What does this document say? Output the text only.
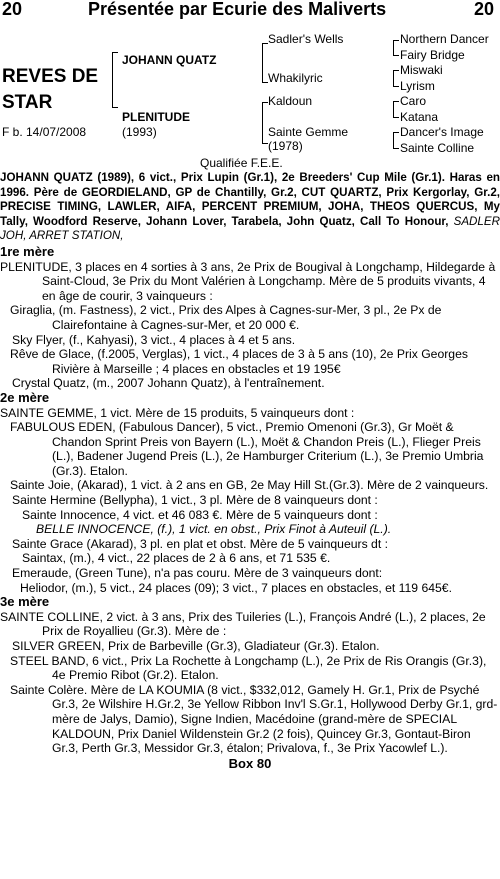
20	Présentée par Ecurie des Maliverts	20
REVES DE
STAR
F b. 14/07/2008
JOHANN QUATZ
PLENITUDE
(1993)
Sadler's Wells
Whakilyric
Kaldoun
Sainte Gemme
(1978)
Northern Dancer
Fairy Bridge
Miswaki
Lyrism
Caro
Katana
Dancer's Image
Sainte Colline
Qualifiée F.E.E.

JOHANN QUATZ (1989), 6 vict., Prix Lupin (Gr.1), 2e Breeders' Cup Mile (Gr.1). Haras en 1996. Père de GEORDIELAND, GP de Chantilly, Gr.2, CUT QUARTZ, Prix Kergorlay, Gr.2, PRECISE TIMING, LAWLER, AIFA, PERCENT PREMIUM, JOHA, THEOS QUERCUS, My Tally, Woodford Reserve, Johann Lover, Tarabela, John Quatz, Call To Honour, SADLER JOH, ARRET STATION,

1re mère

PLENITUDE, 3 places en 4 sorties à 3 ans, 2e Prix de Bougival à Longchamp, Hildegarde à Saint-Cloud, 3e Prix du Mont Valérien à Longchamp. Mère de 5 produits vivants, 4 en âge de courir, 3 vainqueurs :

Giraglia, (m. Fastness), 2 vict., Prix des Alpes à Cagnes-sur-Mer, 3 pl., 2e Px de Clairefontaine à Cagnes-sur-Mer, et 20 000 €.

Sky Flyer, (f., Kahyasi), 3 vict., 4 places à 4 et 5 ans.

Rêve de Glace, (f.2005, Verglas), 1 vict., 4 places de 3 à 5 ans (10), 2e Prix Georges Rivière à Marseille ; 4 places en obstacles et 19 195€

Crystal Quatz, (m., 2007 Johann Quatz), à l'entraînement.

2e mère

SAINTE GEMME, 1 vict. Mère de 15 produits, 5 vainqueurs dont :

FABULOUS EDEN, (Fabulous Dancer), 5 vict., Premio Omenoni (Gr.3), Gr Moët & Chandon Sprint Preis von Bayern (L.), Moët & Chandon Preis (L.), Flieger Preis (L.), Badener Jugend Preis (L.), 2e Hamburger Criterium (L.), 3e Premio Umbria (Gr.3). Etalon.

Sainte Joie, (Akarad), 1 vict. à 2 ans en GB, 2e May Hill St.(Gr.3). Mère de 2 vainqueurs.

Sainte Hermine (Bellypha), 1 vict., 3 pl. Mère de 8 vainqueurs dont :

Sainte Innocence, 4 vict. et 46 083 €. Mère de 5 vainqueurs dont :

BELLE INNOCENCE, (f.), 1 vict. en obst., Prix Finot à Auteuil (L.).

Sainte Grace (Akarad), 3 pl. en plat et obst. Mère de 5 vainqueurs dt :

Saintax, (m.), 4 vict., 22 places de 2 à 6 ans, et 71 535 €.

Emeraude, (Green Tune), n'a pas couru. Mère de 3 vainqueurs dont:

Heliodor, (m.), 5 vict., 24 places (09); 3 vict., 7 places en obstacles, et 119 645€.

3e mère

SAINTE COLLINE, 2 vict. à 3 ans, Prix des Tuileries (L.), François André (L.), 2 places, 2e Prix de Royallieu (Gr.3). Mère de :

SILVER GREEN, Prix de Barbeville (Gr.3), Gladiateur (Gr.3). Etalon.

STEEL BAND, 6 vict., Prix La Rochette à Longchamp (L.), 2e Prix de Ris Orangis (Gr.3), 4e Premio Ribot (Gr.2). Etalon.

Sainte Colère. Mère de LA KOUMIA (8 vict., $332,012, Gamely H. Gr.1, Prix de Psyché Gr.3, 2e Wilshire H.Gr.2, 3e Yellow Ribbon Inv'l S.Gr.1, Hollywood Derby Gr.1, grd-mère de Jalys, Damio), Signe Indien, Macédoine (grand-mère de SPECIAL KALDOUN, Prix Daniel Wildenstein Gr.2 (2 fois), Quincey Gr.3, Gontaut-Biron Gr.3, Perth Gr.3, Messidor Gr.3, étalon; Privalova, f., 3e Prix Yacowlef L.).

Box 80
